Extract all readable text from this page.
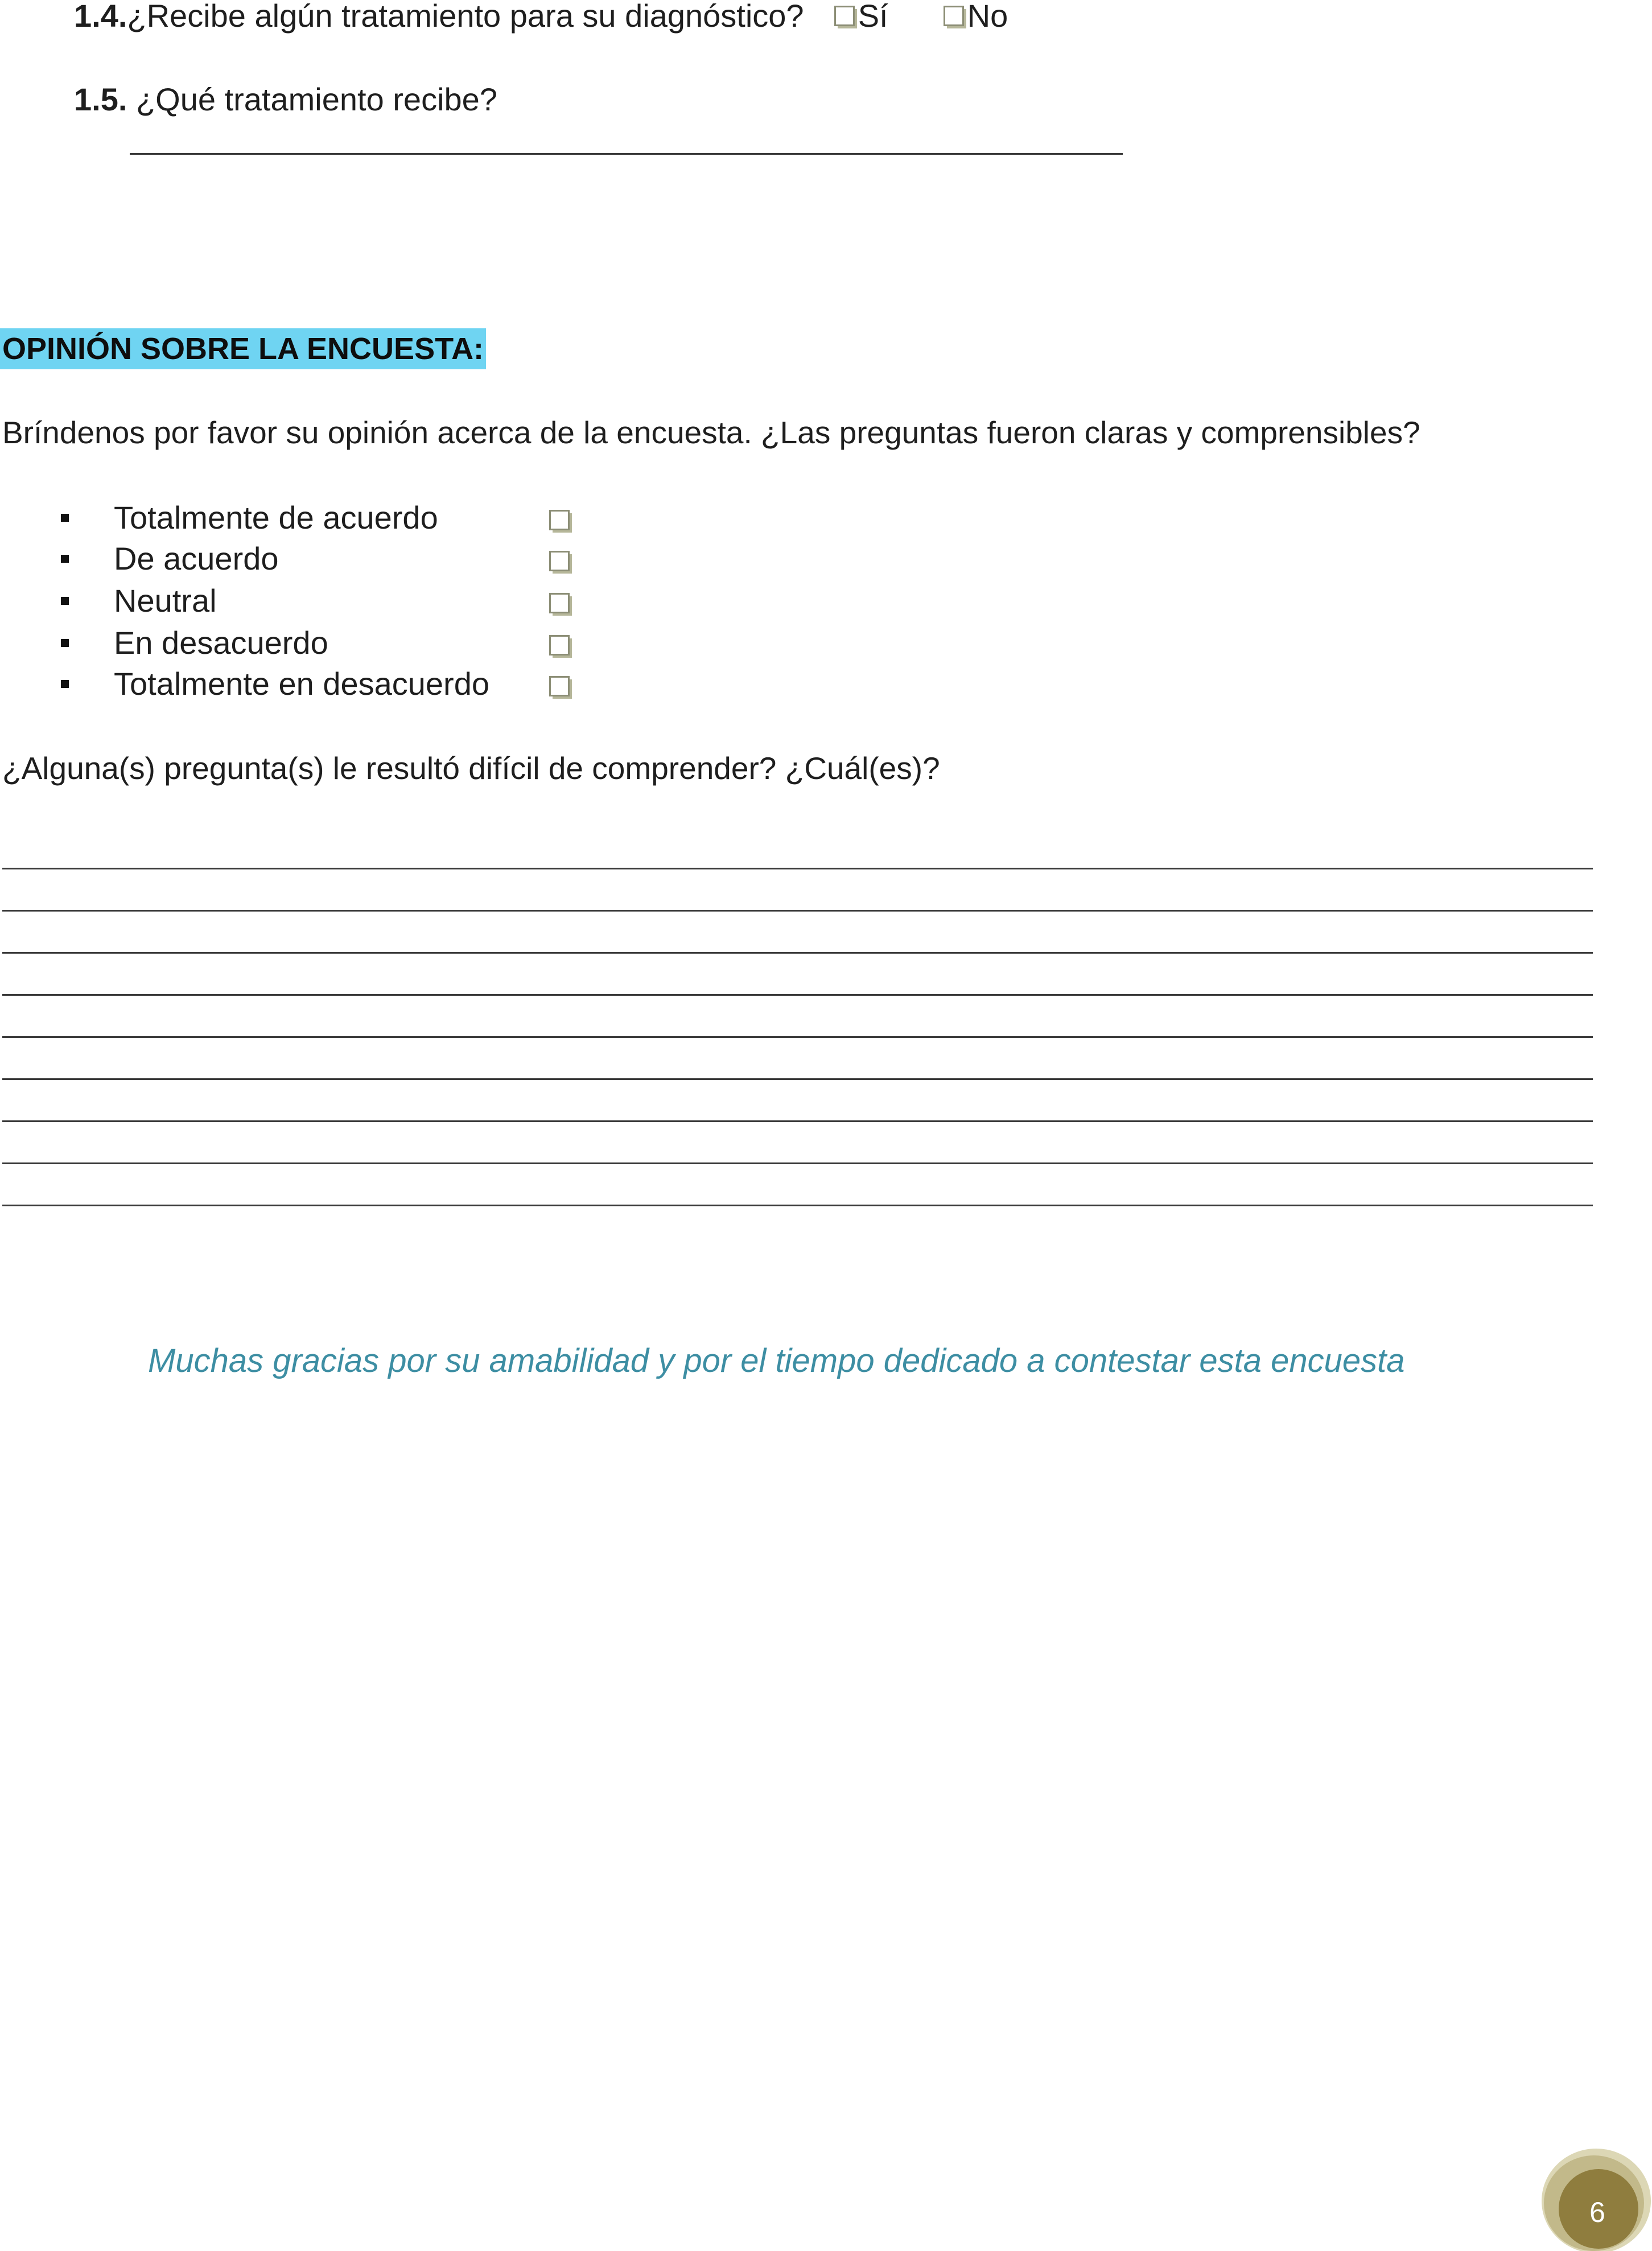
1.4.¿Recibe algún tratamiento para su diagnóstico? Sí No
1.5. ¿Qué tratamiento recibe?
OPINIÓN SOBRE LA ENCUESTA:
Bríndenos por favor su opinión acerca de la encuesta. ¿Las preguntas fueron claras y comprensibles?
Totalmente de acuerdo
De acuerdo
Neutral
En desacuerdo
Totalmente en desacuerdo
¿Alguna(s) pregunta(s) le resultó difícil de comprender? ¿Cuál(es)?
Muchas gracias por su amabilidad y por el tiempo dedicado a contestar esta encuesta
6
